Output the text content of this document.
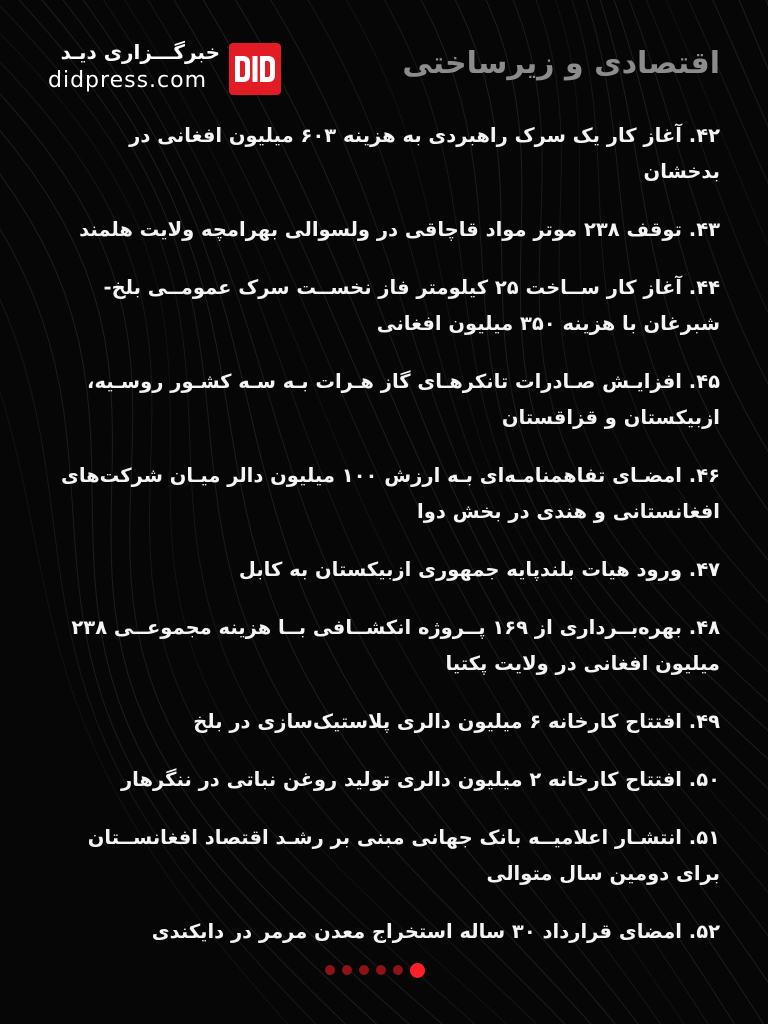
اقتصادی و زیرساختی
خبرگـــزاری دیـد
didpress.com
۴۲. آغاز کار یک سرک راهبردی به هزینه ۶۰۳ میلیون افغانی در بدخشان
۴۳. توقف ۲۳۸ موتر مواد قاچاقی در ولسوالی بهرامچه ولایت هلمند
۴۴. آغاز کار ســاخت ۲۵ کیلومتر فاز نخســت سرک عمومــی بلخ- شبرغان با هزینه ۳۵۰ میلیون افغانی
۴۵. افزایـش صـادرات تانکرهـای گاز هـرات بـه سـه کشـور روسـیه، ازبیکستان و قزاقستان
۴۶. امضـای تفاهمنامـه‌ای بـه ارزش ۱۰۰ میلیون دالر میـان شرکت‌های افغانستانی و هندی در بخش دوا
۴۷. ورود هیات بلندپایه جمهوری ازبیکستان به کابل
۴۸. بهره‌بــرداری از ۱۶۹ پــروژه انکشــافی بــا هزینه مجموعــی ۲۳۸ میلیون افغانی در ولایت پکتیا
۴۹. افتتاح کارخانه ۶ میلیون دالری پلاستیک‌سازی در بلخ
۵۰. افتتاح کارخانه ۲ میلیون دالری تولید روغن نباتی در ننگرهار
۵۱. انتشـار اعلامیــه بانک جهانی مبنی بر رشـد اقتصاد افغانســتان برای دومین سال متوالی
۵۲. امضای قرارداد ۳۰ ساله استخراج معدن مرمر در دایکندی
